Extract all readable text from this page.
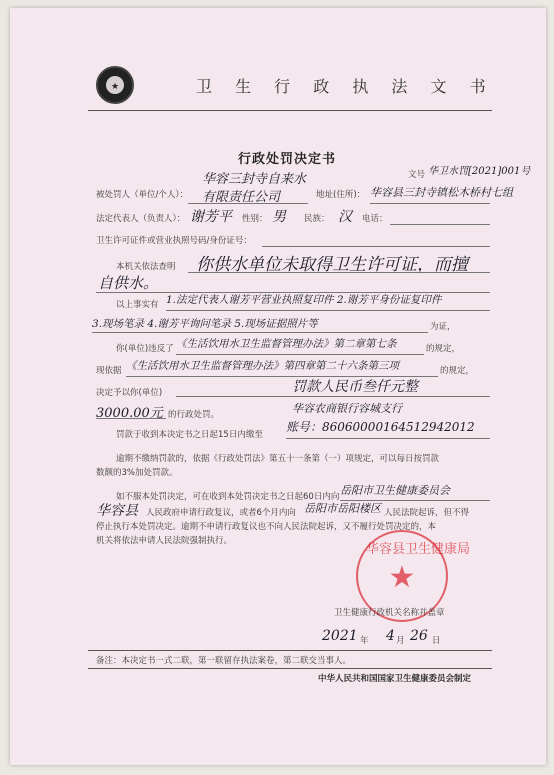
★	卫 生 行 政 执 法 文 书
行政处罚决定书
文号 华卫水罚[2021]001号
被处罚人（单位/个人）：
华容三封寺自来水
有限责任公司	地址(住所)： 华容县三封寺镇松木桥村七组
法定代表人（负责人）： 谢芳平 性别： 男 民族： 汉 电话：
卫生许可证件或营业执照号码/身份证号：
本机关依法查明 你供水单位未取得卫生许可证，而擅
自供水。
以上事实有 1.法定代表人谢芳平营业执照复印件 2.谢芳平身份证复印件
3.现场笔录 4.谢芳平询问笔录 5.现场证据照片等	为证，
你(单位)违反了 《生活饮用水卫生监督管理办法》第二章第七条	的规定，
现依据 《生活饮用水卫生监督管理办法》第四章第二十六条第三项	的规定，
决定予以你(单位)	罚款人民币叁仟元整
3000.00元 的行政处罚。	华容农商银行容城支行
罚款于收到本决定书之日起15日内缴至
账号：86060000164512942012
逾期不缴纳罚款的，依据《行政处罚法》第五十一条第（一）项规定，可以每日按罚款
数额的3%加处罚款。
如不服本处罚决定，可在收到本处罚决定书之日起60日内向 岳阳市卫生健康委员会
华容县 人民政府申请行政复议，或者6个月内向 岳阳市岳阳楼区 人民法院起诉，但不得
停止执行本处罚决定。逾期不申请行政复议也不向人民法院起诉，又不履行处罚决定的，本
机关将依法申请人民法院强制执行。
★
华容县卫生健康局
卫生健康行政机关名称并盖章
2021 年 4 月 26 日
备注：本决定书一式二联，第一联留存执法案卷，第二联交当事人。
中华人民共和国国家卫生健康委员会制定
